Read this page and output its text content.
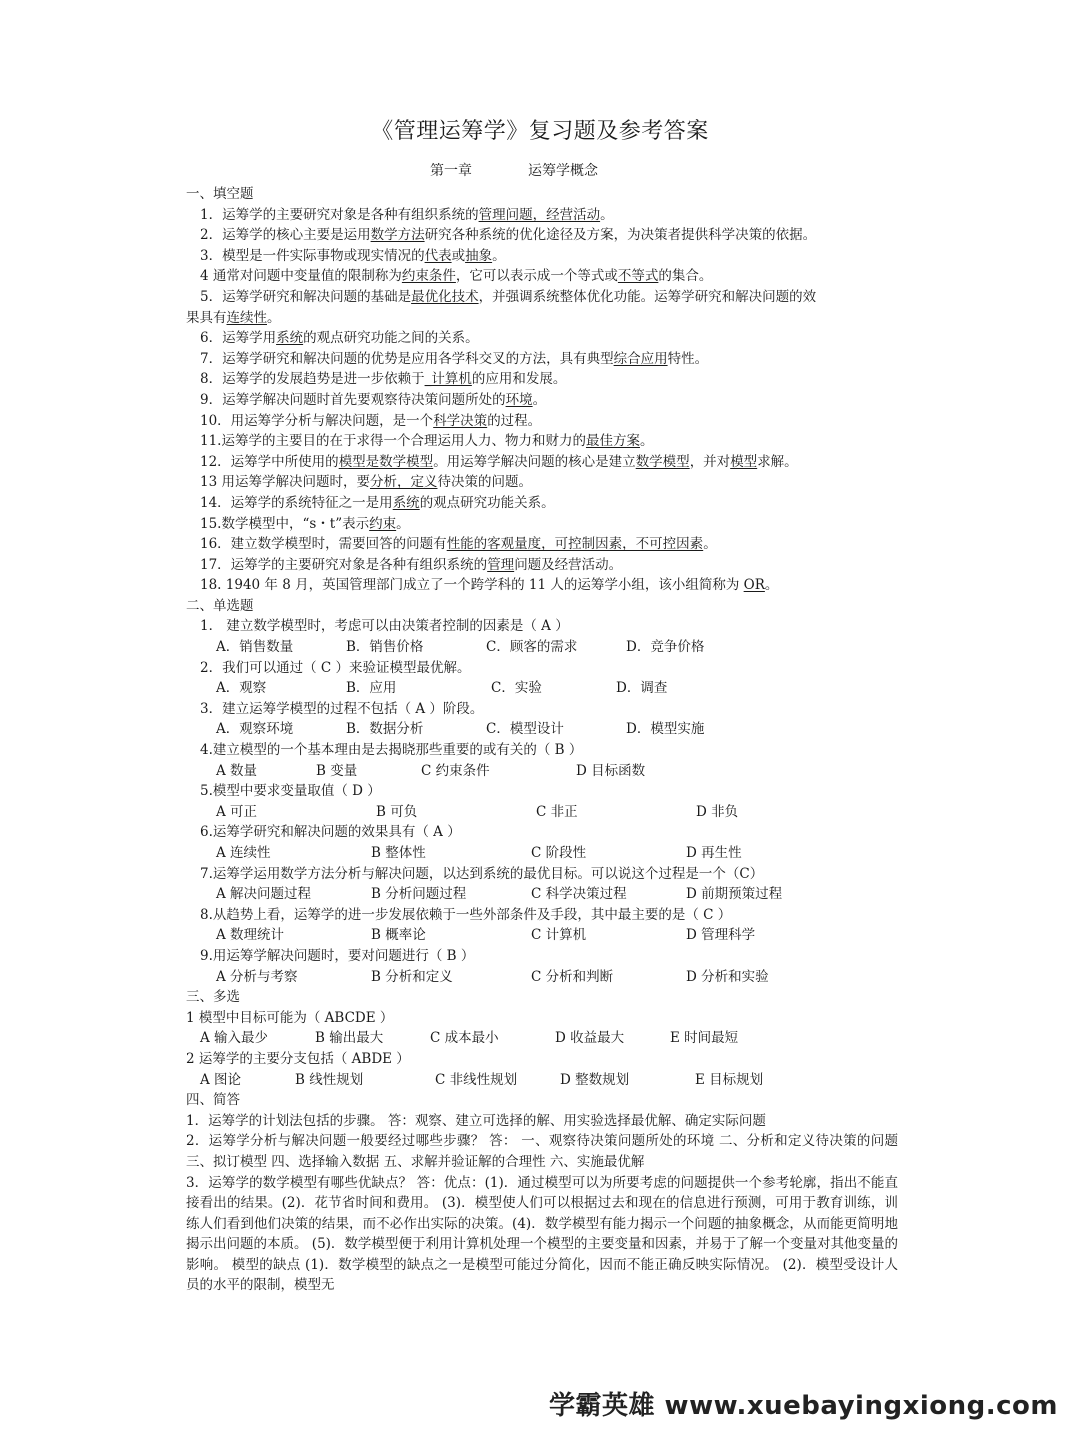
《管理运筹学》复习题及参考答案
第一章	运筹学概念
一、填空题
1．运筹学的主要研究对象是各种有组织系统的管理问题，经营活动。
2．运筹学的核心主要是运用数学方法研究各种系统的优化途径及方案，为决策者提供科学决策的依据。
3．模型是一件实际事物或现实情况的代表或抽象。
4 通常对问题中变量值的限制称为约束条件，它可以表示成一个等式或不等式的集合。
5．运筹学研究和解决问题的基础是最优化技术，并强调系统整体优化功能。运筹学研究和解决问题的效
果具有连续性。
6．运筹学用系统的观点研究功能之间的关系。
7．运筹学研究和解决问题的优势是应用各学科交叉的方法，具有典型综合应用特性。
8．运筹学的发展趋势是进一步依赖于_计算机的应用和发展。
9．运筹学解决问题时首先要观察待决策问题所处的环境。
10．用运筹学分析与解决问题，是一个科学决策的过程。
11.运筹学的主要目的在于求得一个合理运用人力、物力和财力的最佳方案。
12．运筹学中所使用的模型是数学模型。用运筹学解决问题的核心是建立数学模型，并对模型求解。
13 用运筹学解决问题时，要分析，定义待决策的问题。
14．运筹学的系统特征之一是用系统的观点研究功能关系。
15.数学模型中，“s・t”表示约束。
16．建立数学模型时，需要回答的问题有性能的客观量度，可控制因素，不可控因素。
17．运筹学的主要研究对象是各种有组织系统的管理问题及经营活动。
18. 1940 年 8 月，英国管理部门成立了一个跨学科的 11 人的运筹学小组，该小组简称为 OR。
二、单选题
1． 建立数学模型时，考虑可以由决策者控制的因素是（ A ）
A．销售数量	B．销售价格	C．顾客的需求	D．竞争价格
2．我们可以通过（ C ）来验证模型最优解。
A．观察	B．应用	C．实验	D．调查
3．建立运筹学模型的过程不包括（ A ）阶段。
A．观察环境	B．数据分析	C．模型设计	D．模型实施
4.建立模型的一个基本理由是去揭晓那些重要的或有关的（ B ）
A 数量	B 变量	C 约束条件	D 目标函数
5.模型中要求变量取值（ D ）
A 可正	B 可负	C 非正	D 非负
6.运筹学研究和解决问题的效果具有（ A ）
A 连续性	B 整体性	C 阶段性	D 再生性
7.运筹学运用数学方法分析与解决问题，以达到系统的最优目标。可以说这个过程是一个（C）
A 解决问题过程	B 分析问题过程	C 科学决策过程	D 前期预策过程
8.从趋势上看，运筹学的进一步发展依赖于一些外部条件及手段，其中最主要的是（ C ）
A 数理统计	B 概率论	C 计算机	D 管理科学
9.用运筹学解决问题时，要对问题进行（ B ）
A 分析与考察	B 分析和定义	C 分析和判断	D 分析和实验
三、多选
1 模型中目标可能为（ ABCDE ）
A 输入最少	B 输出最大	C 成本最小	D 收益最大	E 时间最短
2 运筹学的主要分支包括（ ABDE ）
A 图论	B 线性规划	C 非线性规划	D 整数规划	E 目标规划
四、简答
1．运筹学的计划法包括的步骤。 答：观察、建立可选择的解、用实验选择最优解、确定实际问题
2．运筹学分析与解决问题一般要经过哪些步骤？ 答： 一、观察待决策问题所处的环境 二、分析和定义待决策的问题 三、拟订模型 四、选择输入数据 五、求解并验证解的合理性 六、实施最优解
3．运筹学的数学模型有哪些优缺点？ 答：优点：(1)．通过模型可以为所要考虑的问题提供一个参考轮廓，指出不能直接看出的结果。(2)．花节省时间和费用。 (3)．模型使人们可以根据过去和现在的信息进行预测，可用于教育训练，训练人们看到他们决策的结果，而不必作出实际的决策。(4)．数学模型有能力揭示一个问题的抽象概念，从而能更简明地揭示出问题的本质。 (5)．数学模型便于利用计算机处理一个模型的主要变量和因素，并易于了解一个变量对其他变量的影响。 模型的缺点 (1)．数学模型的缺点之一是模型可能过分简化，因而不能正确反映实际情况。 (2)．模型受设计人员的水平的限制，模型无
学霸英雄 www.xuebayingxiong.com
